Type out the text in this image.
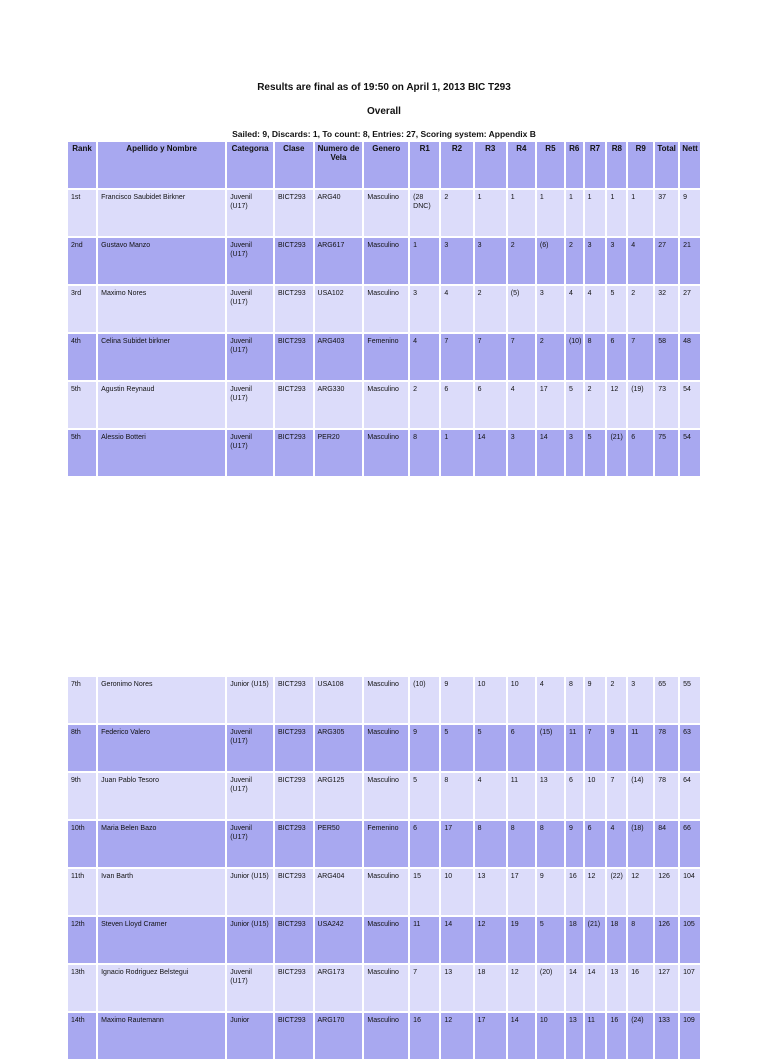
Results are final as of 19:50 on April 1, 2013 BIC T293
Overall
Sailed: 9, Discards: 1, To count: 8, Entries: 27, Scoring system: Appendix B
Rank	Apellido y Nombre	Categorıa	Clase	Numero de Vela	Genero	R1	R2	R3	R4	R5	R6	R7	R8	R9	Total	Nett
1st	Francisco Saubidet Birkner	Juvenil (U17)	BICT293	ARG40	Masculino	(28 DNC)	2	1	1	1	1	1	1	1	37	9
2nd	Gustavo Manzo	Juvenil (U17)	BICT293	ARG617	Masculino	1	3	3	2	(6)	2	3	3	4	27	21
3rd	Maximo Nores	Juvenil (U17)	BICT293	USA102	Masculino	3	4	2	(5)	3	4	4	5	2	32	27
4th	Celina Subidet birkner	Juvenil (U17)	BICT293	ARG403	Femenino	4	7	7	7	2	(10)	8	6	7	58	48
5th	Agustin Reynaud	Juvenil (U17)	BICT293	ARG330	Masculino	2	6	6	4	17	5	2	12	(19)	73	54
5th	Alessio Botteri	Juvenil (U17)	BICT293	PER20	Masculino	8	1	14	3	14	3	5	(21)	6	75	54
7th	Geronimo Nores	Junior (U15)	BICT293	USA108	Masculino	(10)	9	10	10	4	8	9	2	3	65	55
8th	Federico Valero	Juvenil (U17)	BICT293	ARG305	Masculino	9	5	5	6	(15)	11	7	9	11	78	63
9th	Juan Pablo Tesoro	Juvenil (U17)	BICT293	ARG125	Masculino	5	8	4	11	13	6	10	7	(14)	78	64
10th	Maria Belen Bazo	Juvenil (U17)	BICT293	PER50	Femenino	6	17	8	8	8	9	6	4	(18)	84	66
11th	Ivan Barth	Junior (U15)	BICT293	ARG404	Masculino	15	10	13	17	9	16	12	(22)	12	126	104
12th	Steven Lloyd Cramer	Junior (U15)	BICT293	USA242	Masculino	11	14	12	19	5	18	(21)	18	8	126	105
13th	Ignacio Rodriguez Belstegui	Juvenil (U17)	BICT293	ARG173	Masculino	7	13	18	12	(20)	14	14	13	16	127	107
14th	Maximo Rautemann	Junior	BICT293	ARG170	Masculino	16	12	17	14	10	13	11	16	(24)	133	109
